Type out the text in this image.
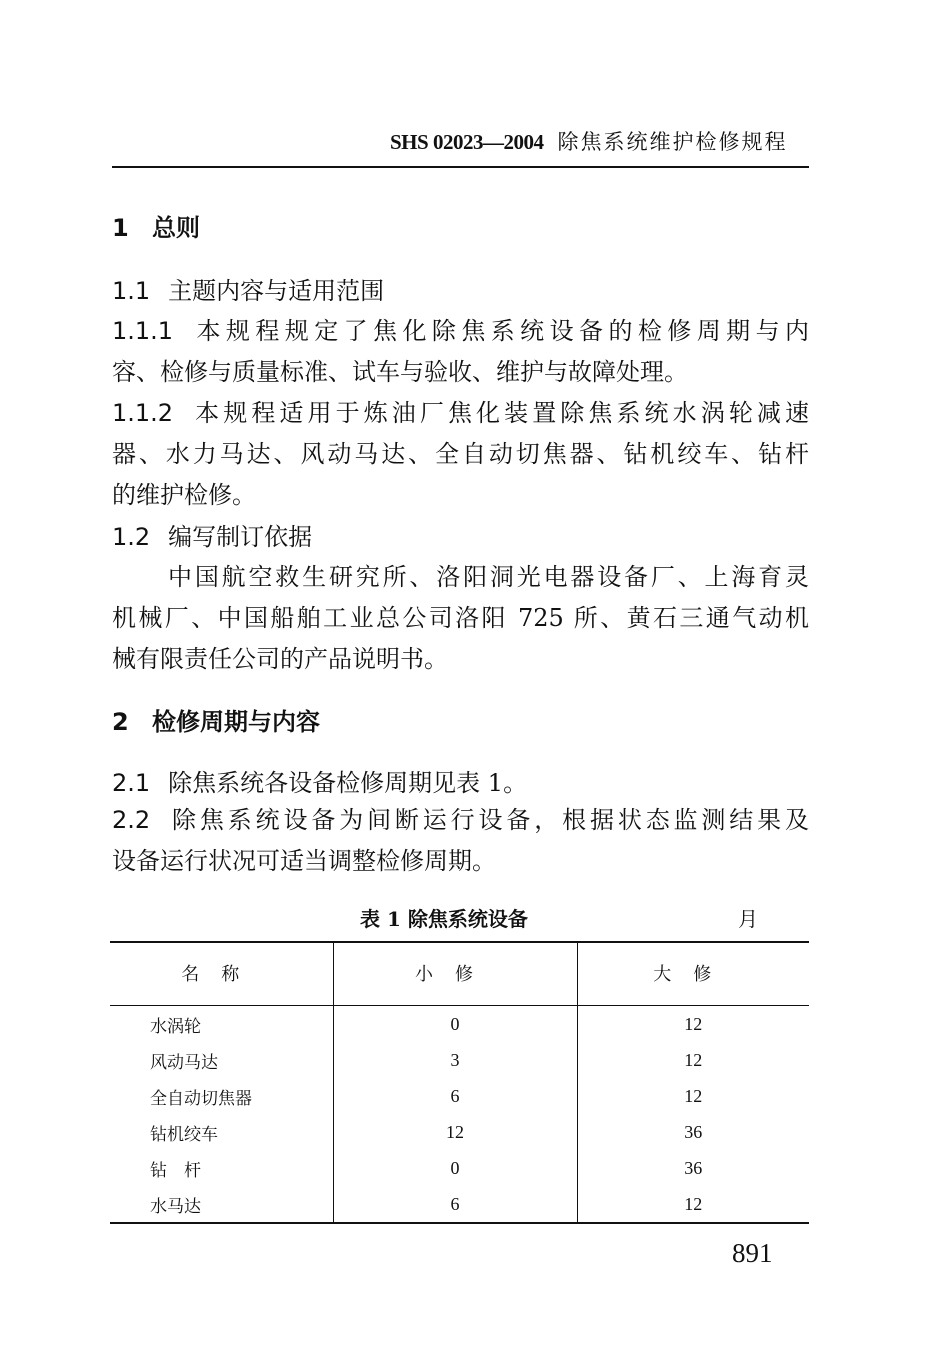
SHS 02023—2004 除焦系统维护检修规程
1 总则
1.1 主题内容与适用范围
1.1.1 本规程规定了焦化除焦系统设备的检修周期与内
容、检修与质量标准、试车与验收、维护与故障处理。
1.1.2 本规程适用于炼油厂焦化装置除焦系统水涡轮减速
器、水力马达、风动马达、全自动切焦器、钻机绞车、钻杆
的维护检修。
1.2 编写制订依据
中国航空救生研究所、洛阳洞光电器设备厂、上海育灵
机械厂、中国船舶工业总公司洛阳 725 所、黄石三通气动机
械有限责任公司的产品说明书。
2 检修周期与内容
2.1 除焦系统各设备检修周期见表 1。
2.2 除焦系统设备为间断运行设备，根据状态监测结果及
设备运行状况可适当调整检修周期。
表 1 除焦系统设备	月
名称	小修	大修
水涡轮	0	12
风动马达	3	12
全自动切焦器	6	12
钻机绞车	12	36
钻　杆	0	36
水马达	6	12
891
